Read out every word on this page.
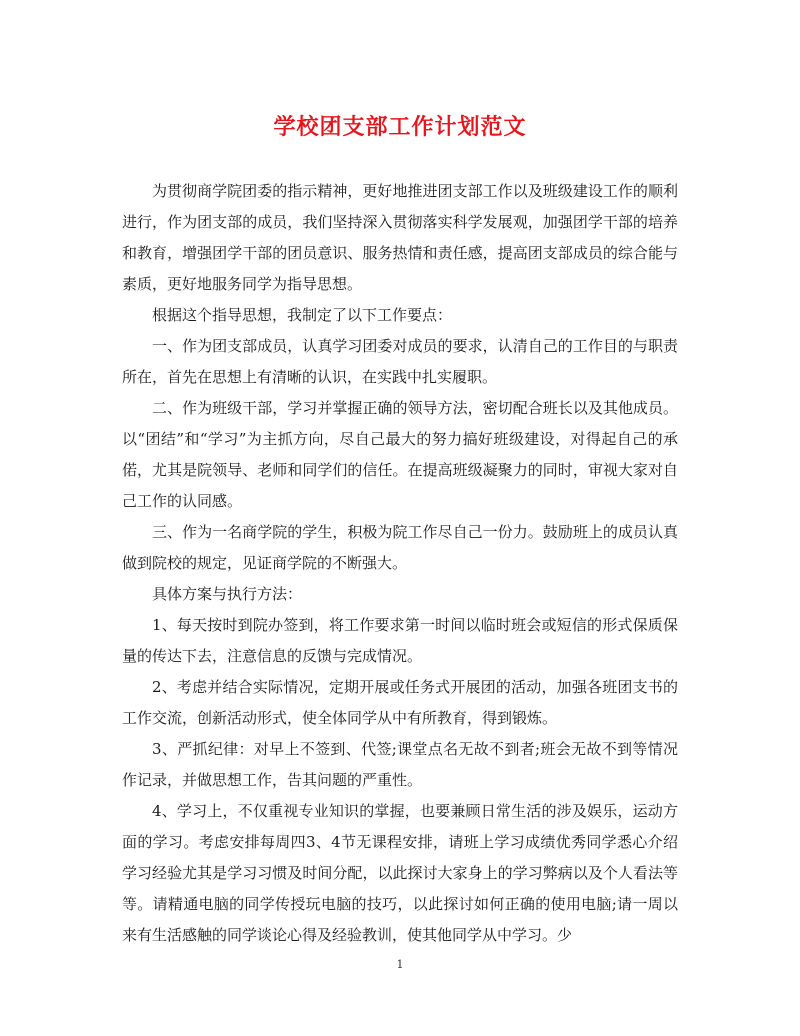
学校团支部工作计划范文

为贯彻商学院团委的指示精神，更好地推进团支部工作以及班级建设工作的顺利进行，作为团支部的成员，我们坚持深入贯彻落实科学发展观，加强团学干部的培养和教育，增强团学干部的团员意识、服务热情和责任感，提高团支部成员的综合能与素质，更好地服务同学为指导思想。

根据这个指导思想，我制定了以下工作要点：

一、作为团支部成员，认真学习团委对成员的要求，认清自己的工作目的与职责所在，首先在思想上有清晰的认识，在实践中扎实履职。

二、作为班级干部，学习并掌握正确的领导方法，密切配合班长以及其他成员。以“团结”和“学习”为主抓方向，尽自己最大的努力搞好班级建设，对得起自己的承偌，尤其是院领导、老师和同学们的信任。在提高班级凝聚力的同时，审视大家对自己工作的认同感。

三、作为一名商学院的学生，积极为院工作尽自己一份力。鼓励班上的成员认真做到院校的规定，见证商学院的不断强大。

具体方案与执行方法：

1、每天按时到院办签到，将工作要求第一时间以临时班会或短信的形式保质保量的传达下去，注意信息的反馈与完成情况。

2、考虑并结合实际情况，定期开展或任务式开展团的活动，加强各班团支书的工作交流，创新活动形式，使全体同学从中有所教育，得到锻炼。

3、严抓纪律：对早上不签到、代签;课堂点名无故不到者;班会无故不到等情况作记录，并做思想工作，告其问题的严重性。

4、学习上，不仅重视专业知识的掌握，也要兼顾日常生活的涉及娱乐，运动方面的学习。考虑安排每周四3、4节无课程安排，请班上学习成绩优秀同学悉心介绍学习经验尤其是学习习惯及时间分配，以此探讨大家身上的学习弊病以及个人看法等等。请精通电脑的同学传授玩电脑的技巧，以此探讨如何正确的使用电脑;请一周以来有生活感触的同学谈论心得及经验教训，使其他同学从中学习。少

1
